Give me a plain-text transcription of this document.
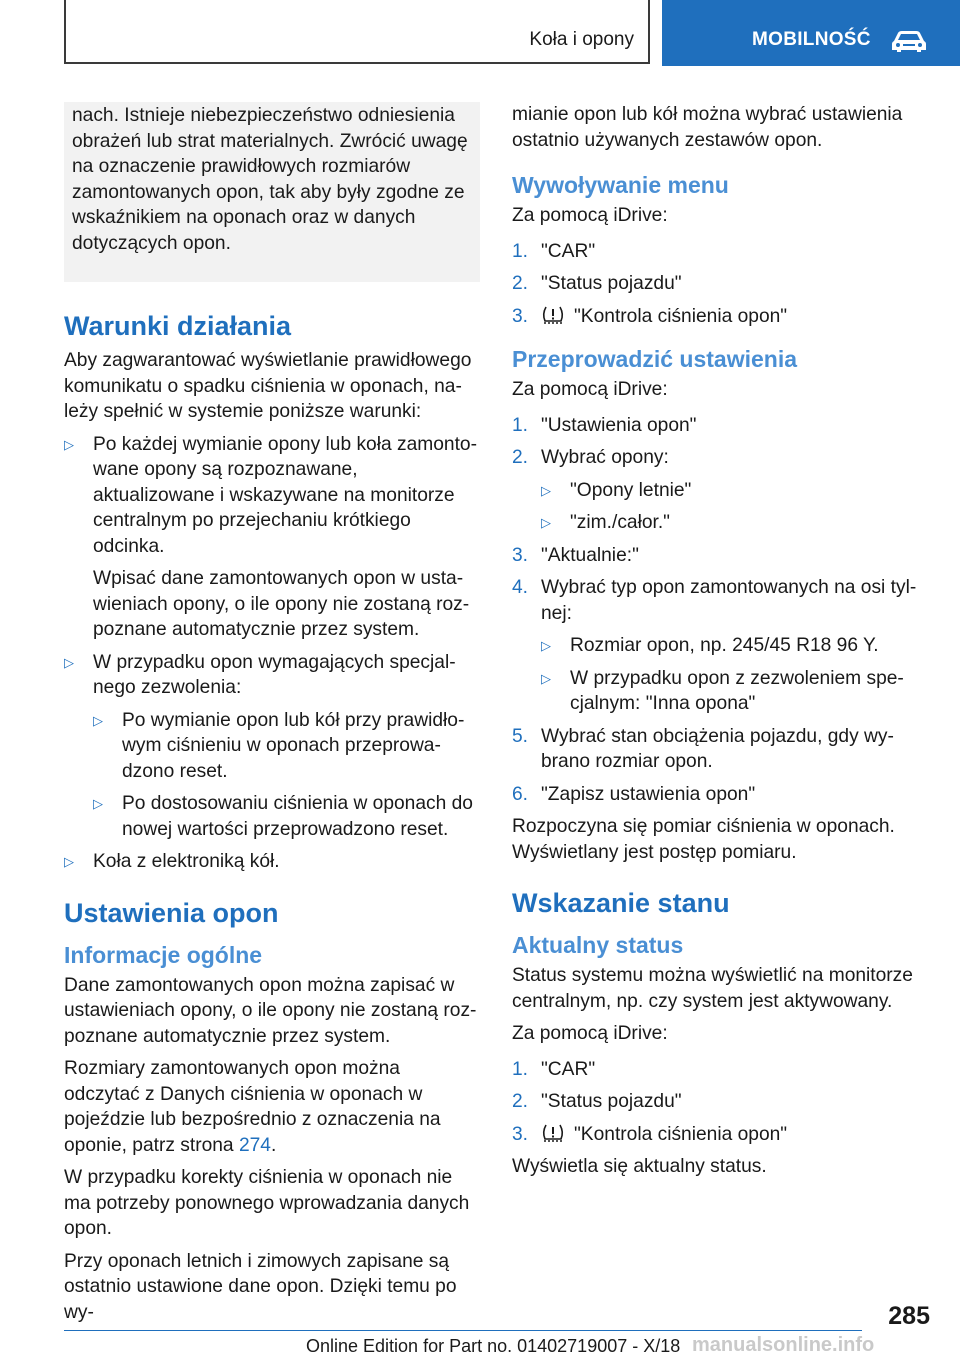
Koła i opony	MOBILNOŚĆ

nach. Istnieje niebezpieczeństwo odniesienia obrażeń lub strat materialnych. Zwrócić uwagę na oznaczenie prawidłowych rozmiarów zamontowanych opon, tak aby były zgodne ze wskaźnikiem na oponach oraz w danych dotyczących opon.

Warunki działania

Aby zagwarantować wyświetlanie prawidłowego komunikatu o spadku ciśnienia w oponach, należy spełnić w systemie poniższe warunki:

▷ Po każdej wymianie opony lub koła zamontowane opony są rozpoznawane, aktualizowane i wskazywane na monitorze centralnym po przejechaniu krótkiego odcinka.

Wpisać dane zamontowanych opon w ustawieniach opony, o ile opony nie zostaną rozpoznane automatycznie przez system.

▷ W przypadku opon wymagających specjalnego zezwolenia:

▷ Po wymianie opon lub kół przy prawidłowym ciśnieniu w oponach przeprowadzono reset.
▷ Po dostosowaniu ciśnienia w oponach do nowej wartości przeprowadzono reset.
▷ Koła z elektroniką kół.
Ustawienia opon
Informacje ogólne

Dane zamontowanych opon można zapisać w ustawieniach opony, o ile opony nie zostaną rozpoznane automatycznie przez system.

Rozmiary zamontowanych opon można odczytać z Danych ciśnienia w oponach w pojeździe lub bezpośrednio z oznaczenia na oponie, patrz strona 274.

W przypadku korekty ciśnienia w oponach nie ma potrzeby ponownego wprowadzania danych opon.

Przy oponach letnich i zimowych zapisane są ostatnio ustawione dane opon. Dzięki temu po wy-

mianie opon lub kół można wybrać ustawienia ostatnio używanych zestawów opon.

Wywoływanie menu

Za pomocą iDrive:

1. "CAR"
2. "Status pojazdu"
3. "Kontrola ciśnienia opon"
Przeprowadzić ustawienia

Za pomocą iDrive:

1. "Ustawienia opon"
2. Wybrać opony:
▷ "Opony letnie"
▷ "zim./całor."
3. "Aktualnie:"
4. Wybrać typ opon zamontowanych na osi tylnej:
▷ Rozmiar opon, np. 245/45 R18 96 Y.
▷ W przypadku opon z zezwoleniem specjalnym: "Inna opona"
5. Wybrać stan obciążenia pojazdu, gdy wybrano rozmiar opon.
6. "Zapisz ustawienia opon"

Rozpoczyna się pomiar ciśnienia w oponach. Wyświetlany jest postęp pomiaru.

Wskazanie stanu
Aktualny status

Status systemu można wyświetlić na monitorze centralnym, np. czy system jest aktywowany.

Za pomocą iDrive:

1. "CAR"
2. "Status pojazdu"
3. "Kontrola ciśnienia opon"

Wyświetla się aktualny status.

285
Online Edition for Part no. 01402719007 - X/18 manualsonline.info
